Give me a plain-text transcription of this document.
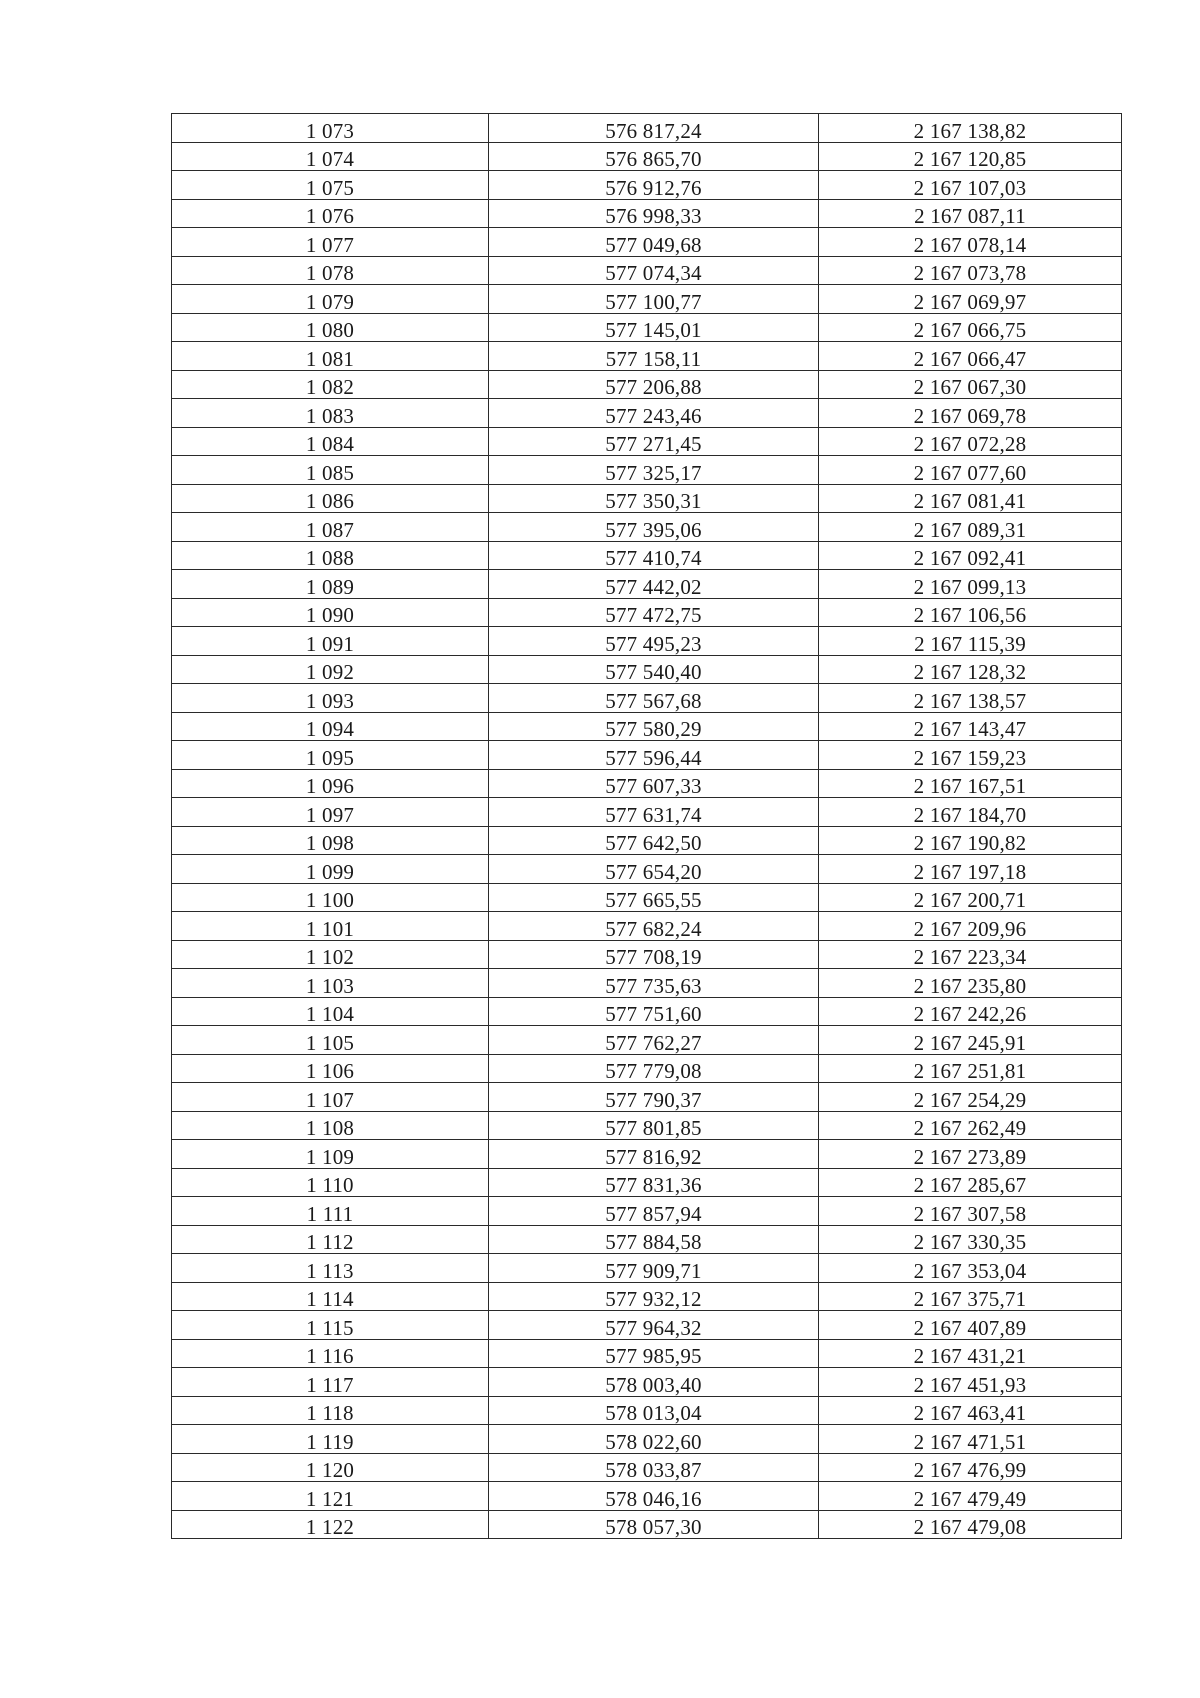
1 073	576 817,24	2 167 138,82
1 074	576 865,70	2 167 120,85
1 075	576 912,76	2 167 107,03
1 076	576 998,33	2 167 087,11
1 077	577 049,68	2 167 078,14
1 078	577 074,34	2 167 073,78
1 079	577 100,77	2 167 069,97
1 080	577 145,01	2 167 066,75
1 081	577 158,11	2 167 066,47
1 082	577 206,88	2 167 067,30
1 083	577 243,46	2 167 069,78
1 084	577 271,45	2 167 072,28
1 085	577 325,17	2 167 077,60
1 086	577 350,31	2 167 081,41
1 087	577 395,06	2 167 089,31
1 088	577 410,74	2 167 092,41
1 089	577 442,02	2 167 099,13
1 090	577 472,75	2 167 106,56
1 091	577 495,23	2 167 115,39
1 092	577 540,40	2 167 128,32
1 093	577 567,68	2 167 138,57
1 094	577 580,29	2 167 143,47
1 095	577 596,44	2 167 159,23
1 096	577 607,33	2 167 167,51
1 097	577 631,74	2 167 184,70
1 098	577 642,50	2 167 190,82
1 099	577 654,20	2 167 197,18
1 100	577 665,55	2 167 200,71
1 101	577 682,24	2 167 209,96
1 102	577 708,19	2 167 223,34
1 103	577 735,63	2 167 235,80
1 104	577 751,60	2 167 242,26
1 105	577 762,27	2 167 245,91
1 106	577 779,08	2 167 251,81
1 107	577 790,37	2 167 254,29
1 108	577 801,85	2 167 262,49
1 109	577 816,92	2 167 273,89
1 110	577 831,36	2 167 285,67
1 111	577 857,94	2 167 307,58
1 112	577 884,58	2 167 330,35
1 113	577 909,71	2 167 353,04
1 114	577 932,12	2 167 375,71
1 115	577 964,32	2 167 407,89
1 116	577 985,95	2 167 431,21
1 117	578 003,40	2 167 451,93
1 118	578 013,04	2 167 463,41
1 119	578 022,60	2 167 471,51
1 120	578 033,87	2 167 476,99
1 121	578 046,16	2 167 479,49
1 122	578 057,30	2 167 479,08
